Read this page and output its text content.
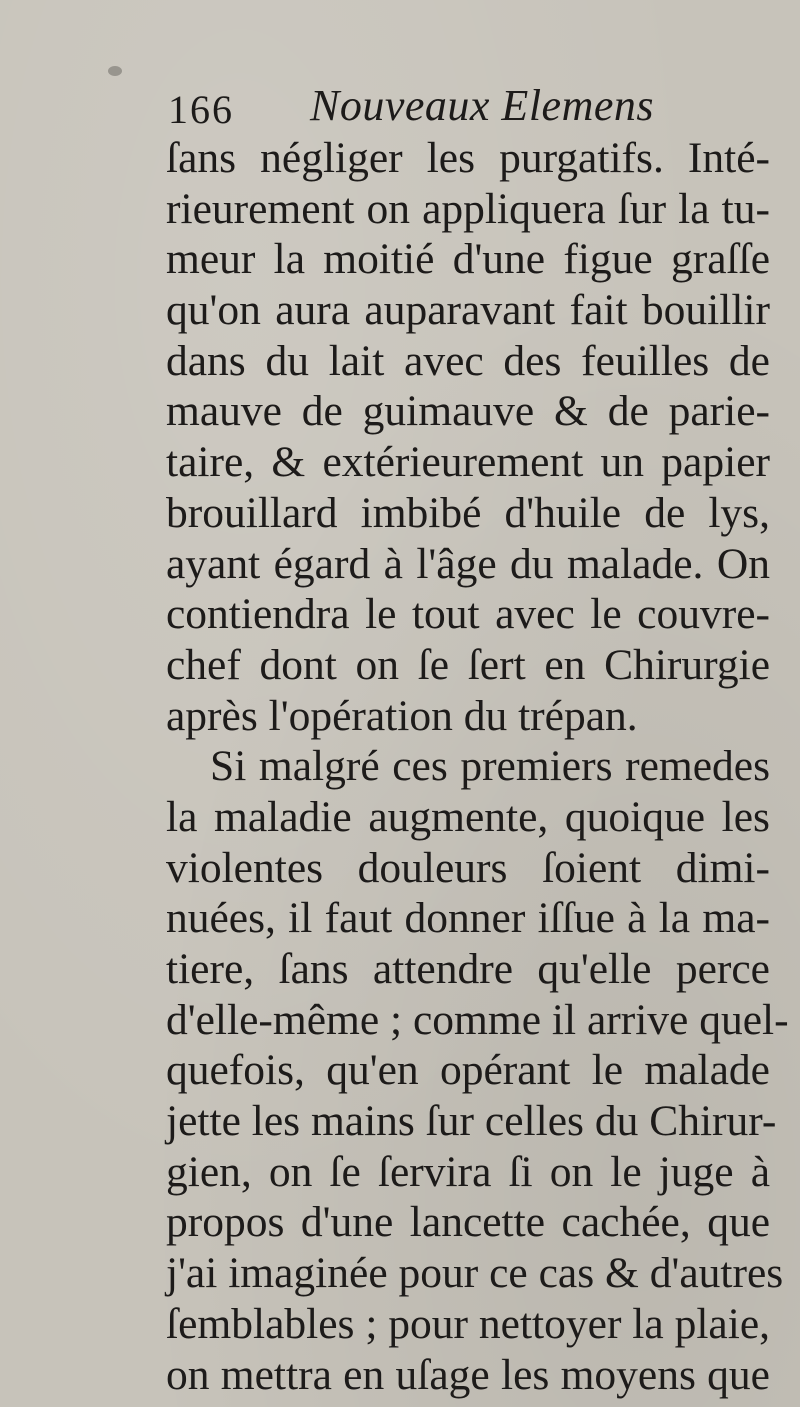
166 Nouveaux Elemens
ſans négliger les purgatifs. Inté-
rieurement on appliquera ſur la tu-
meur la moitié d'une figue graſſe
qu'on aura auparavant fait bouillir
dans du lait avec des feuilles de
mauve de guimauve & de parie-
taire, & extérieurement un papier
brouillard imbibé d'huile de lys,
ayant égard à l'âge du malade. On
contiendra le tout avec le couvre-
chef dont on ſe ſert en Chirurgie
après l'opération du trépan.
Si malgré ces premiers remedes
la maladie augmente, quoique les
violentes douleurs ſoient dimi-
nuées, il faut donner iſſue à la ma-
tiere, ſans attendre qu'elle perce
d'elle-même ; comme il arrive quel-
quefois, qu'en opérant le malade
jette les mains ſur celles du Chirur-
gien, on ſe ſervira ſi on le juge à
propos d'une lancette cachée, que
j'ai imaginée pour ce cas & d'autres
ſemblables ; pour nettoyer la plaie,
on mettra en uſage les moyens que
